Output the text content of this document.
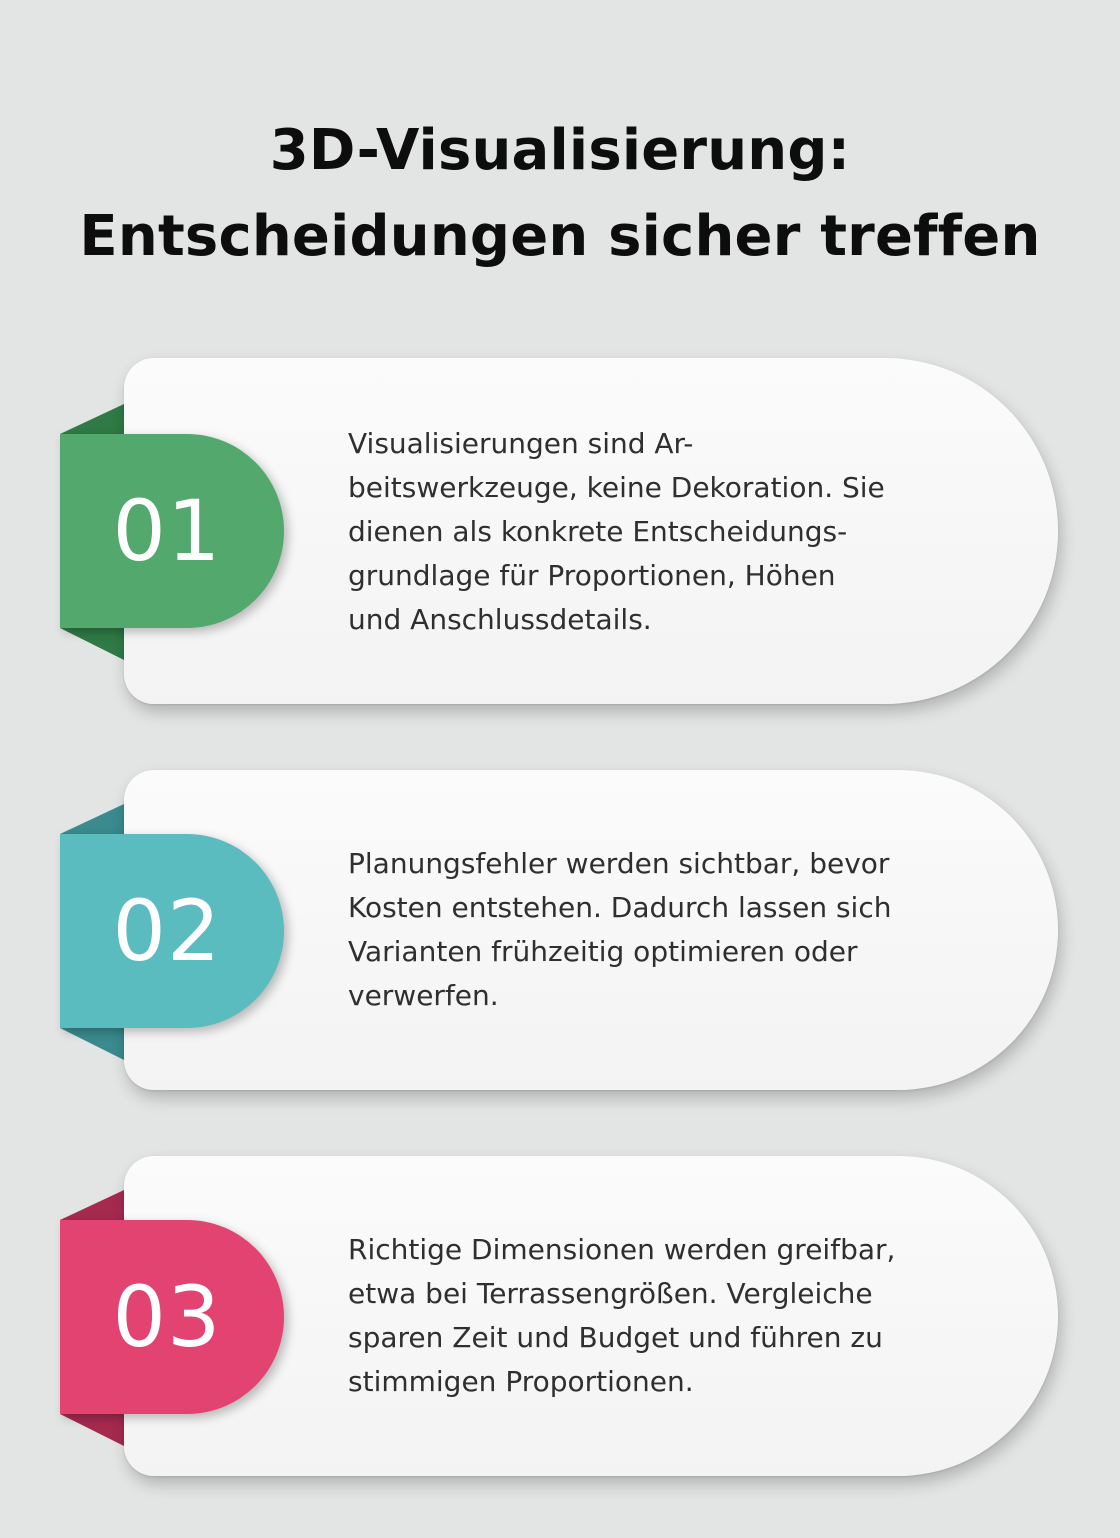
3D-Visualisierung:
Entscheidungen sicher treffen
01
Visualisierungen sind Ar-
beitswerkzeuge, keine Dekoration. Sie
dienen als konkrete Entscheidungs-
grundlage für Proportionen, Höhen
und Anschlussdetails.
02
Planungsfehler werden sichtbar, bevor
Kosten entstehen. Dadurch lassen sich
Varianten frühzeitig optimieren oder
verwerfen.
03
Richtige Dimensionen werden greifbar,
etwa bei Terrassengrößen. Vergleiche
sparen Zeit und Budget und führen zu
stimmigen Proportionen.
